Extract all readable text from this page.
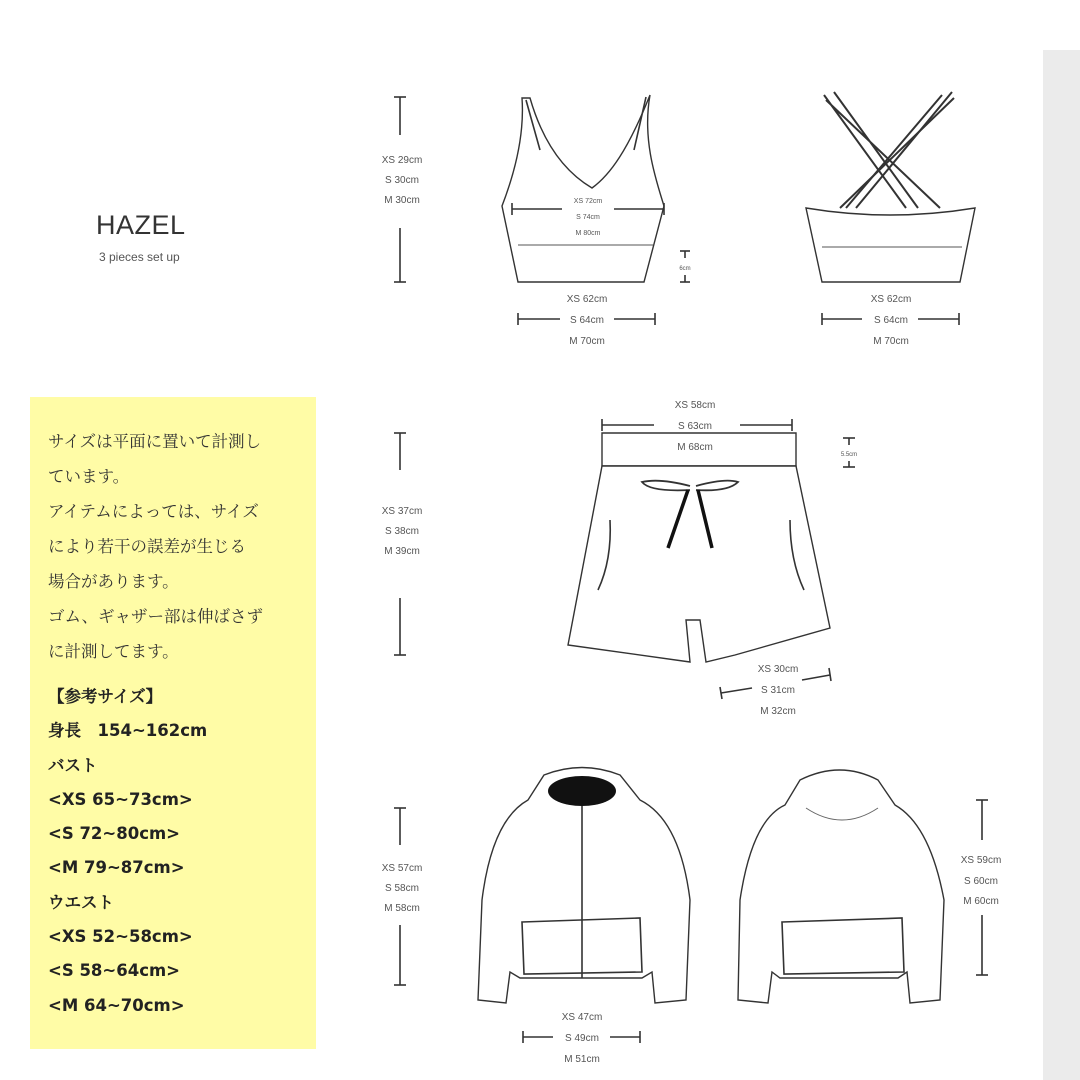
HAZEL
3 pieces set up
サイズは平面に置いて計測し
ています。
アイテムによっては、サイズ
により若干の誤差が生じる
場合があります。
ゴム、ギャザー部は伸ばさず
に計測してます。
【参考サイズ】
身長　154~162cm
バスト
<XS 65~73cm>
<S 72~80cm>
<M 79~87cm>
ウエスト
<XS 52~58cm>
<S 58~64cm>
<M 64~70cm>
XS 29cm
S 30cm
M 30cm	XS 72cm
S 74cm
M 80cm
6cm
XS 62cm
S 64cm
M 70cm
XS 62cm
S 64cm
M 70cm
XS 58cm
S 63cm
M 68cm
5.5cm
XS 37cm
S 38cm
M 39cm
XS 30cm
S 31cm
M 32cm
XS 57cm
S 58cm
M 58cm
XS 47cm
S 49cm
M 51cm
XS 59cm
S 60cm
M 60cm
